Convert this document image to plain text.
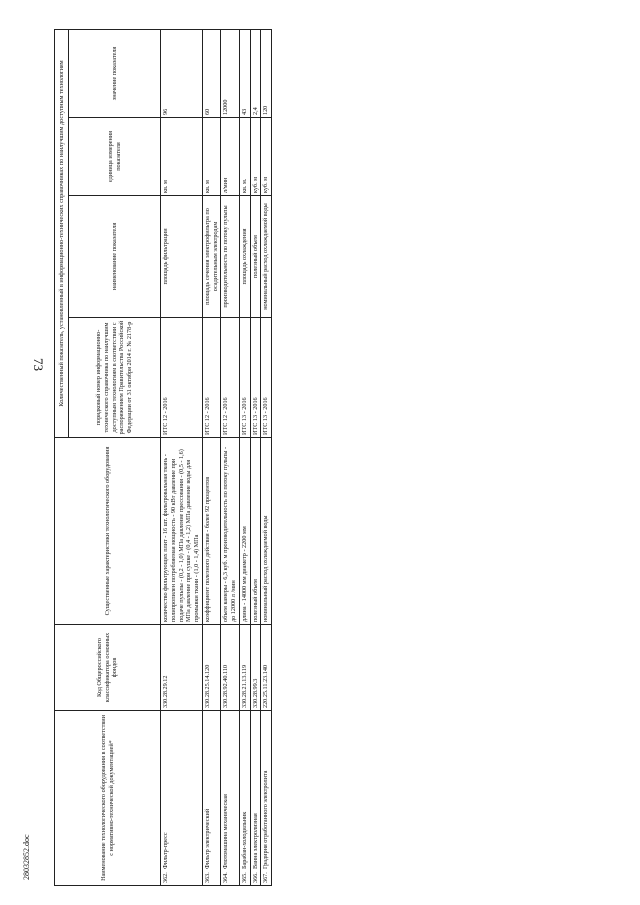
73
28032852.doc	Наименование технологического оборудования в соответствии с нормативно-технической документацией*	Код Общероссийского классификатора основных фондов	Существенные характеристики технологического оборудования	Количественный показатель, установленный в информационно-технических справочниках по наилучшим доступным технологиям			
			порядковый номер информационно-технического справочника по наилучшим доступным технологиям в соответствии с распоряжением Правительства Российской Федерации от 31 октября 2014 г. № 2178-р	наименование показателя	единица измерения показателя	значение показателя
362.Фильтр-пресс	330.28.29.12	количество фильтрующих плит - 16 шт. фильтровальная ткань - полипропилен потребляемая мощность - 90 кВт давление при подаче пульпы - (0,2 - 1,0) МПа давление прессования - (0,5 - 1,6) МПа давление при сушке - (0,4 - 1,2) МПа давление воды для промывки ткани - (1,0 - 1,4) МПа	ИТС 12 - 2016	площадь фильтрации	кв. м	96
363.Фильтр электрический	330.28.25.14.120	коэффициент полезного действия - более 92 процентов	ИТС 12 - 2016	площадь сечения электрофильтра по осадительным электродам	кв. м	60
364.Флотомашина механическая	330.28.92.40.110	объем камеры - 6,3 куб. м производительность по потоку пульпы - до 12000 л /мин	ИТС 12 - 2016	производительность по потоку пульпы	л/мин	12000
365.Барабан-холодильник	330.28.21.13.119	длина - 14000 мм диаметр - 2200 мм	ИТС 13 - 2016	площадь охлаждения	кв. м.	43
366.Ванна электролизная	330.28.99.3	полезный объем	ИТС 13 - 2016	полезный объем	куб. м	2,4
367.Градирня отработанного электролита	220.25.11.23.140	номинальный расход охлаждаемой воды	ИТС 13 - 2016	номинальный расход охлаждаемой воды	куб. м	120
